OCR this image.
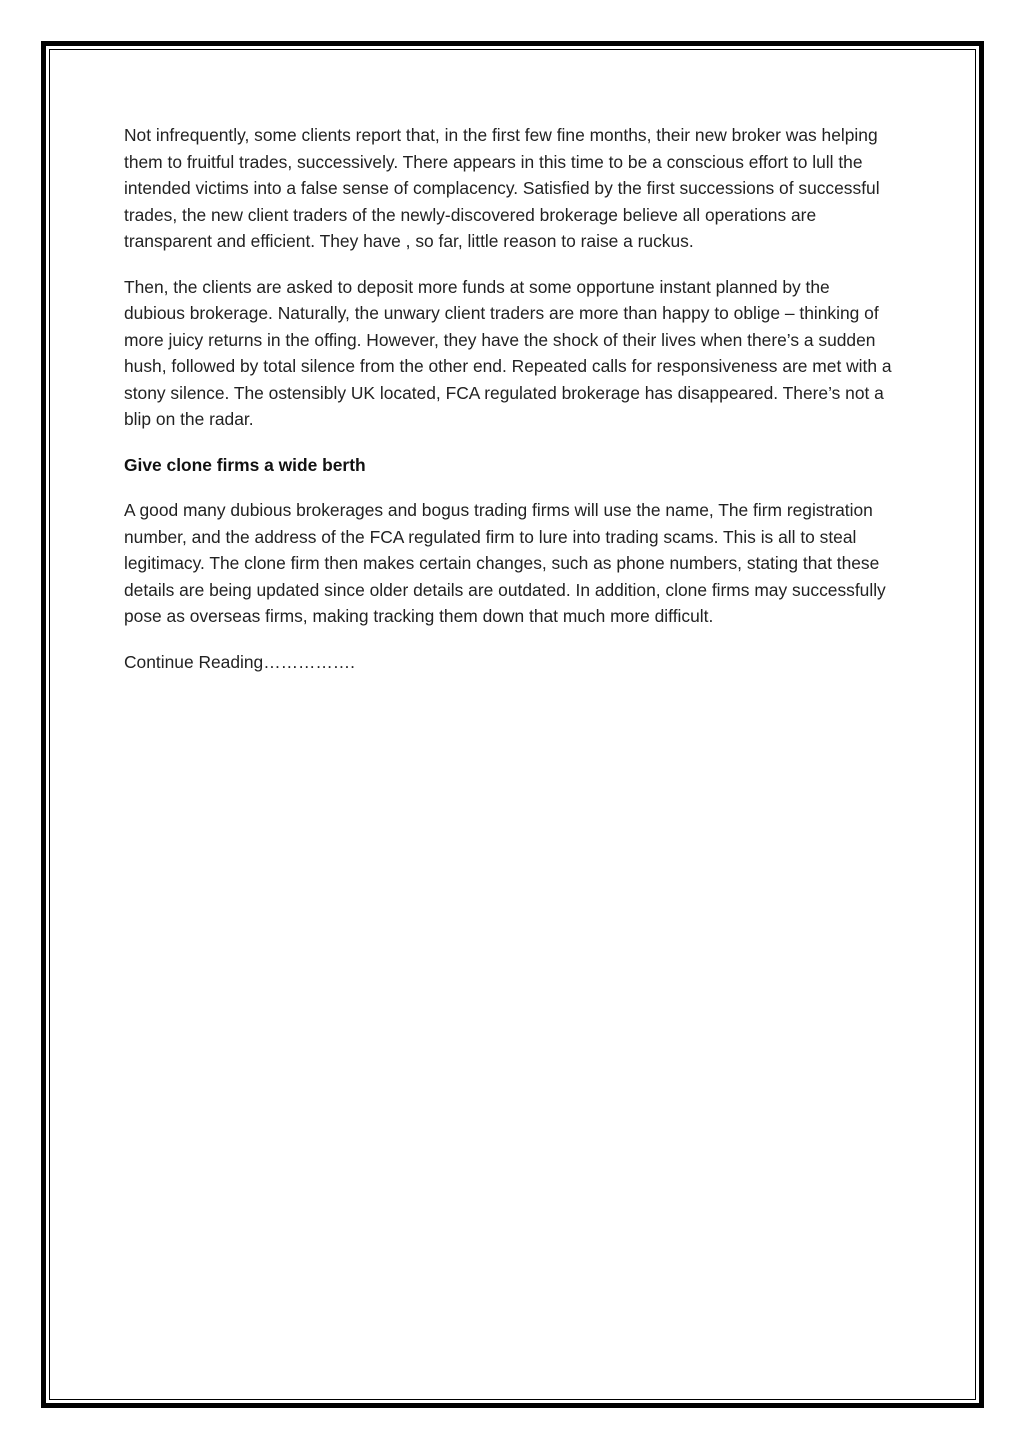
Not infrequently, some clients report that, in the first few fine months, their new broker was helping them to fruitful trades, successively. There appears in this time to be a conscious effort to lull the intended victims into a false sense of complacency. Satisfied by the first successions of successful trades, the new client traders of the newly-discovered brokerage believe all operations are transparent and efficient. They have , so far, little reason to raise a ruckus.

Then, the clients are asked to deposit more funds at some opportune instant planned by the dubious brokerage. Naturally, the unwary client traders are more than happy to oblige – thinking of more juicy returns in the offing. However, they have the shock of their lives when there’s a sudden hush, followed by total silence from the other end. Repeated calls for responsiveness are met with a stony silence. The ostensibly UK located, FCA regulated brokerage has disappeared. There’s not a blip on the radar.

Give clone firms a wide berth

A good many dubious brokerages and bogus trading firms will use the name, The firm registration number, and the address of the FCA regulated firm to lure into trading scams. This is all to steal legitimacy. The clone firm then makes certain changes, such as phone numbers, stating that these details are being updated since older details are outdated. In addition, clone firms may successfully pose as overseas firms, making tracking them down that much more difficult.

Continue Reading…………….
